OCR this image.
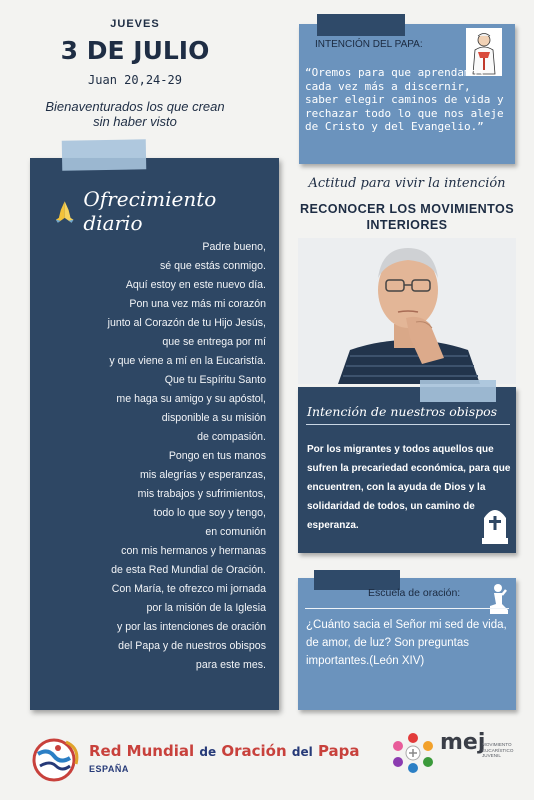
JUEVES
3 DE JULIO
Juan 20,24-29
Bienaventurados los que crean
sin haber visto
Ofrecimiento diario
Padre bueno,
sé que estás conmigo.
Aquí estoy en este nuevo día.
Pon una vez más mi corazón
junto al Corazón de tu Hijo Jesús,
que se entrega por mí
y que viene a mí en la Eucaristía.
Que tu Espíritu Santo
me haga su amigo y su apóstol,
disponible a su misión
de compasión.
Pongo en tus manos
mis alegrías y esperanzas,
mis trabajos y sufrimientos,
todo lo que soy y tengo,
en comunión
con mis hermanos y hermanas
de esta Red Mundial de Oración.
Con María, te ofrezco mi jornada
por la misión de la Iglesia
y por las intenciones de oración
del Papa y de nuestros obispos
para este mes.
INTENCIÓN DEL PAPA:
“Oremos para que aprendamos cada vez más a discernir, saber elegir caminos de vida y rechazar todo lo que nos aleje de Cristo y del Evangelio.”
Actitud para vivir la intención
RECONOCER LOS MOVIMIENTOS INTERIORES
Intención de nuestros obispos
Por los migrantes y todos aquellos que sufren la precariedad económica, para que encuentren, con la ayuda de Dios y la solidaridad de todos, un camino de esperanza.
Escuela de oración:
¿Cuánto sacia el Señor mi sed de vida, de amor, de luz? Son preguntas importantes.(León XIV)
Red Mundial de Oración del Papa
ESPAÑA
mej
MOVIMIENTO EUCARÍSTICO JUVENIL
